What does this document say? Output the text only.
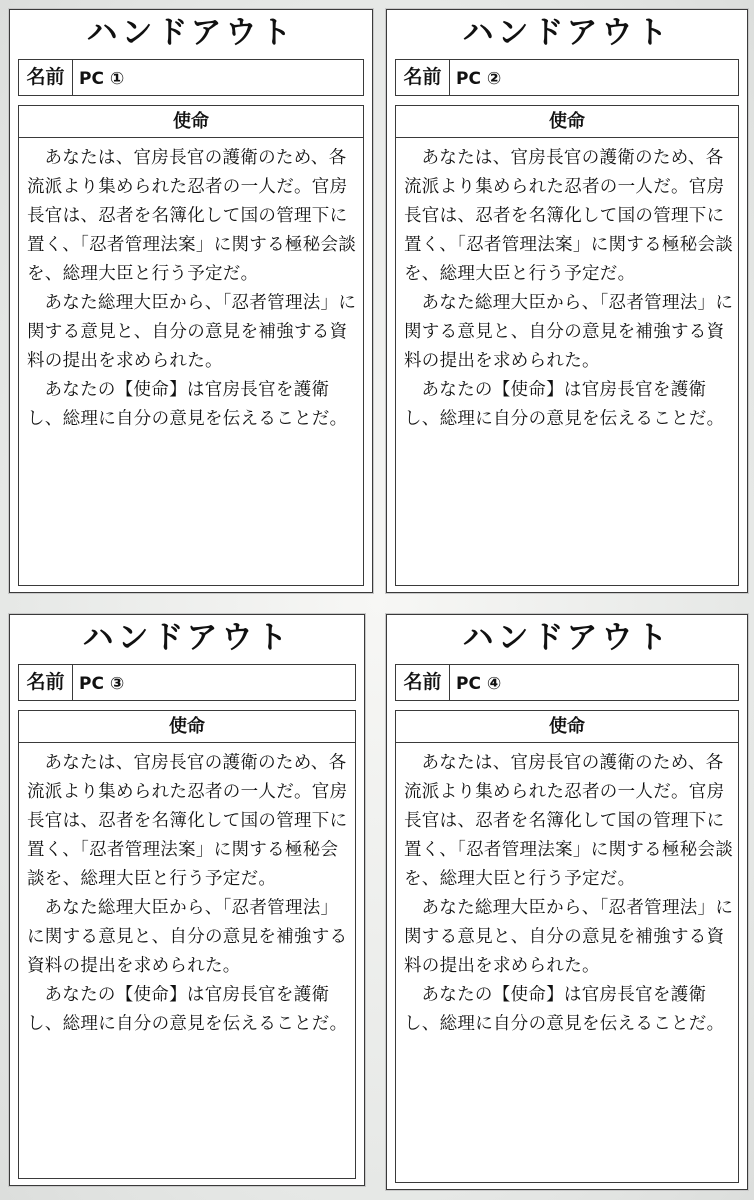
ハンドアウト
名前 PC ①
使命

あなたは、官房長官の護衛のため、各流派より集められた忍者の一人だ。官房長官は、忍者を名簿化して国の管理下に置く、「忍者管理法案」に関する極秘会談を、総理大臣と行う予定だ。

あなた総理大臣から、「忍者管理法」に関する意見と、自分の意見を補強する資料の提出を求められた。

あなたの【使命】は官房長官を護衛し、総理に自分の意見を伝えることだ。

ハンドアウト
名前 PC ②
使命

あなたは、官房長官の護衛のため、各流派より集められた忍者の一人だ。官房長官は、忍者を名簿化して国の管理下に置く、「忍者管理法案」に関する極秘会談を、総理大臣と行う予定だ。

あなた総理大臣から、「忍者管理法」に関する意見と、自分の意見を補強する資料の提出を求められた。

あなたの【使命】は官房長官を護衛し、総理に自分の意見を伝えることだ。

ハンドアウト
名前 PC ③
使命

あなたは、官房長官の護衛のため、各流派より集められた忍者の一人だ。官房長官は、忍者を名簿化して国の管理下に置く、「忍者管理法案」に関する極秘会談を、総理大臣と行う予定だ。

あなた総理大臣から、「忍者管理法」に関する意見と、自分の意見を補強する資料の提出を求められた。

あなたの【使命】は官房長官を護衛し、総理に自分の意見を伝えることだ。

ハンドアウト
名前 PC ④
使命

あなたは、官房長官の護衛のため、各流派より集められた忍者の一人だ。官房長官は、忍者を名簿化して国の管理下に置く、「忍者管理法案」に関する極秘会談を、総理大臣と行う予定だ。

あなた総理大臣から、「忍者管理法」に関する意見と、自分の意見を補強する資料の提出を求められた。

あなたの【使命】は官房長官を護衛し、総理に自分の意見を伝えることだ。
